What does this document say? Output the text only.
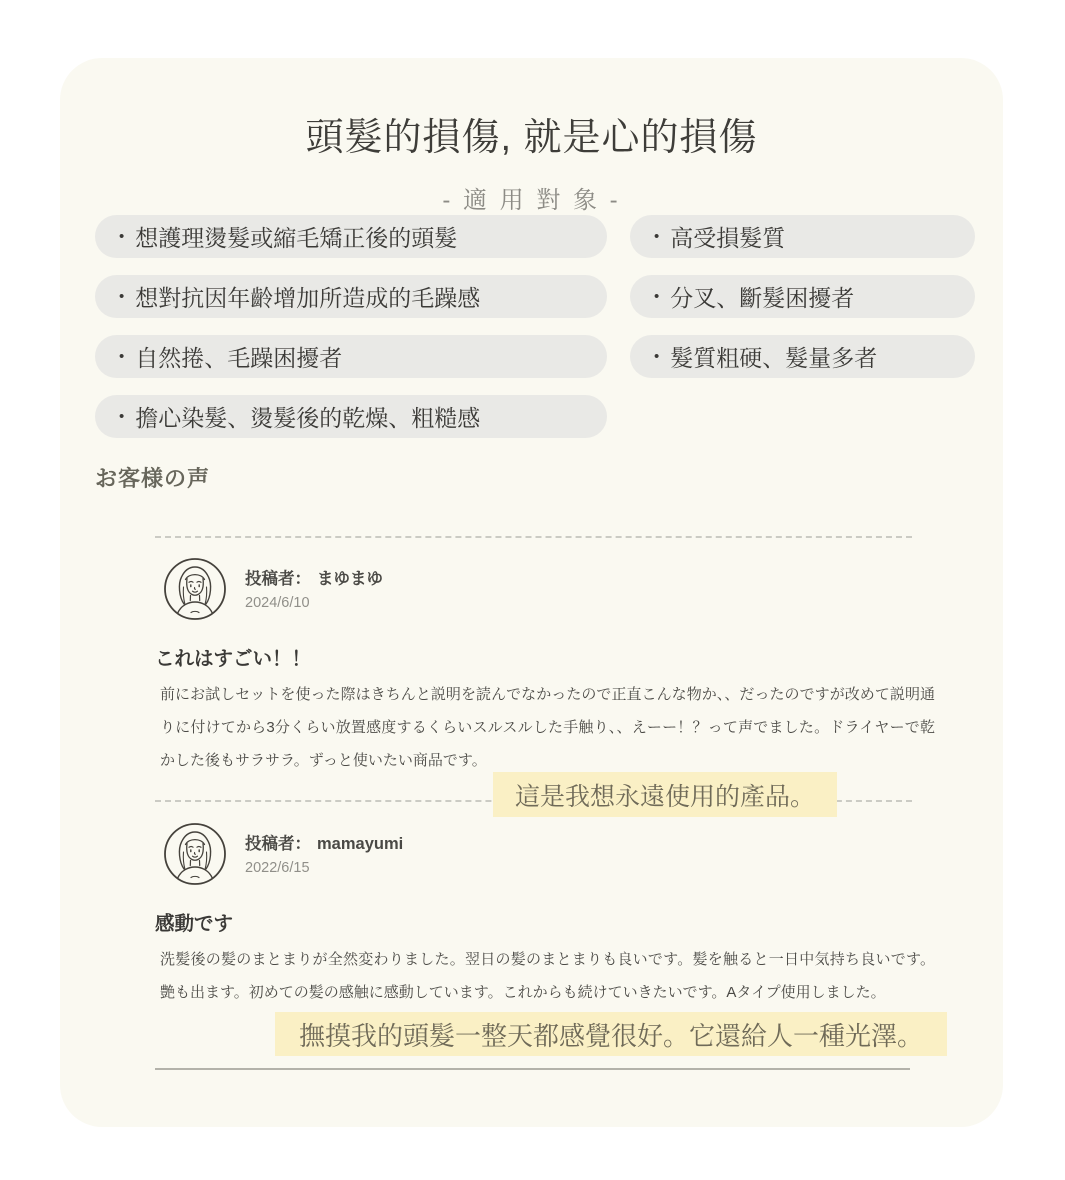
頭髮的損傷, 就是心的損傷
- 適 用 對 象 -
• 想護理燙髮或縮毛矯正後的頭髮
• 想對抗因年齡增加所造成的毛躁感
• 自然捲、毛躁困擾者
• 擔心染髮、燙髮後的乾燥、粗糙感
• 高受損髮質
• 分叉、斷髮困擾者
• 髮質粗硬、髮量多者
お客様の声
投稿者： まゆまゆ
2024/6/10
これはすごい！！
前にお試しセットを使った際はきちんと説明を読んでなかったので正直こんな物か、、だったのですが改めて説明通りに付けてから3分くらい放置感度するくらいスルスルした手触り、、えーー！？って声でました。ドライヤーで乾かした後もサラサラ。ずっと使いたい商品です。
這是我想永遠使用的產品。
投稿者： mamayumi
2022/6/15
感動です
洗髪後の髪のまとまりが全然変わりました。翌日の髪のまとまりも良いです。髪を触ると一日中気持ち良いです。艶も出ます。初めての髪の感触に感動しています。これからも続けていきたいです。Aタイプ使用しました。
撫摸我的頭髮一整天都感覺很好。它還給人一種光澤。
